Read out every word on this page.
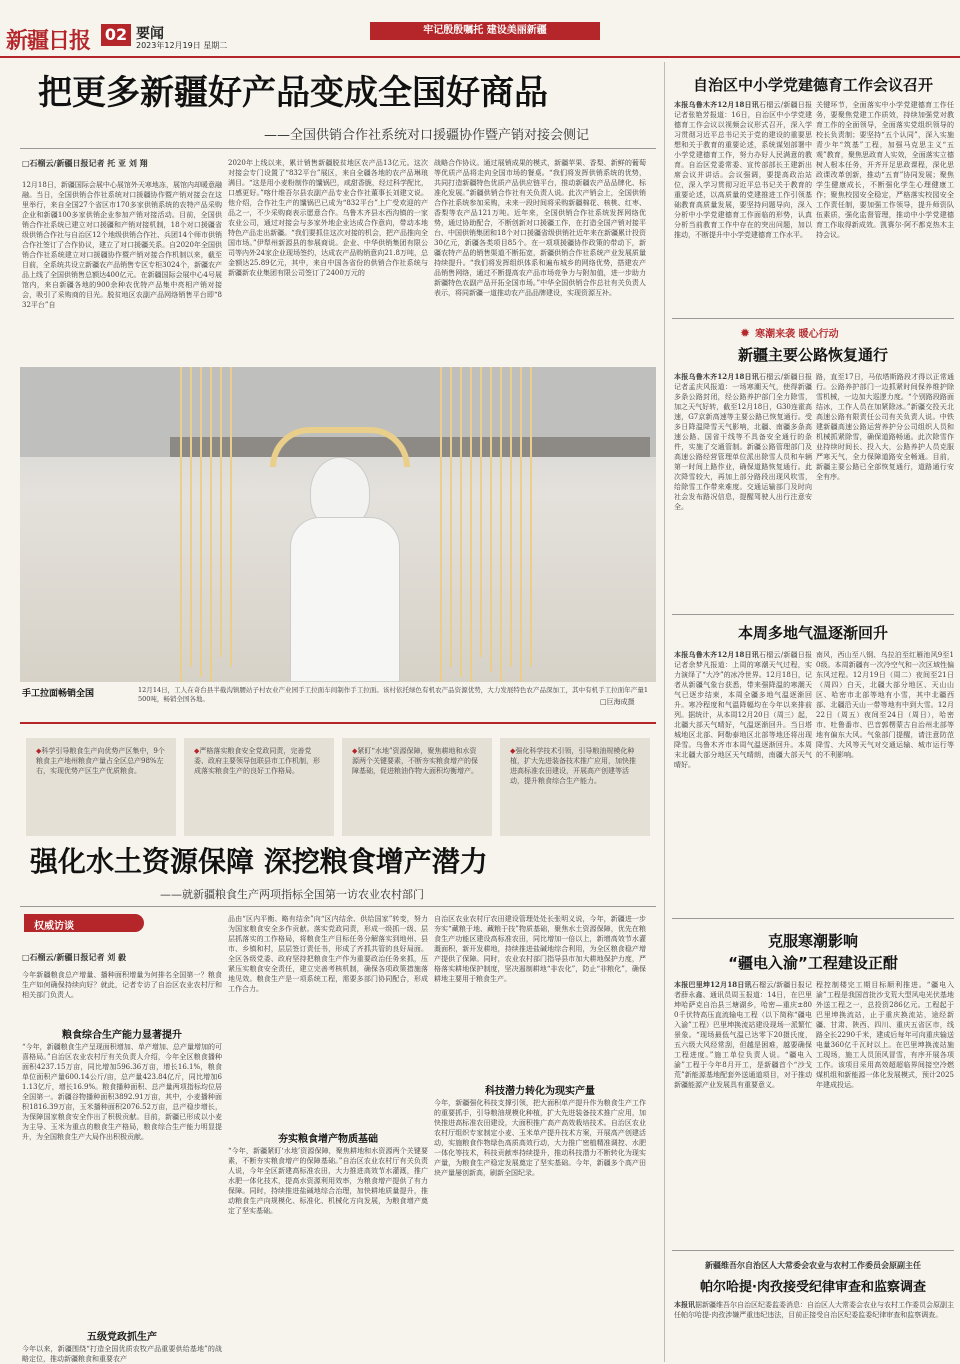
新疆日报 02 要闻
2023年12月19日 星期二
牢记殷殷嘱托 建设美丽新疆
把更多新疆好产品变成全国好商品
——全国供销合作社系统对口援疆协作暨产销对接会侧记
□石榴云/新疆日报记者 托 亚 刘 翔
12月18日，新疆国际会展中心展馆外天寒地冻，展馆内却暖意融融。当日，全国供销合作社系统对口援疆协作暨产销对接会在这里举行，来自全国27个省区市170多家供销系统的农特产品采购企业和新疆100多家供销企业参加产销对接活动。目前，全国供销合作社系统已建立对口援疆和产销对接机制，18个对口援疆省级供销合作社与自治区12个地级供销合作社、兵团14个师市供销合作社签订了合作协议，建立了对口援疆关系。自2020年全国供销合作社系统建立对口援疆协作暨产销对接合作机制以来，截至目前，全系统共设立新疆农产品销售专区专柜3024个，新疆农产品上线了全国供销售总额达400亿元。在新疆国际会展中心4号展馆内，来自新疆各地的900余种农优特产品集中亮相产销对接会，吸引了采购商的目光。脱贫地区农副产品网络销售平台即“832平台”自
2020年上线以来，累计销售新疆脱贫地区农产品13亿元。这次对接会专门设置了“832平台”展区，来自全疆各地的农产品琳琅满目。“这是用小麦粉制作的馕锅巴，咸甜香脆，经过科学配比，口感更好。”喀什维吾尔县农副产品专业合作社董事长刘建文说。他介绍，合作社生产的馕锅巴已成为“832平台”上广受欢迎的产品之一，不少采购商表示愿意合作。乌鲁木齐县水西沟镇的一家农业公司，通过对接会与多家外地企业达成合作意向，带动本地特色产品走出新疆。“我们要抓住这次对接的机会，把产品推向全国市场。”伊犁州新源县的参展商说。企业、中华供销集团有限公司等内外24家企业现场签约，达成农产品购销意向21.8万吨，总金额达25.89亿元，其中，来自中国各省份的供销合作社系统与新疆新农业集团有限公司签订了2400万元的
战略合作协议。通过展销成果的模式，新疆苹果、香梨、新鲜的葡萄等优质产品将走向全国市场的餐桌。“我们将发挥供销系统的优势，共同打造新疆特色优质产品供应链平台，推动新疆农产品品牌化、标准化发展。”新疆供销合作社有关负责人说。此次产销会上，全国供销合作社系统参加采购，未来一段时间将采购新疆棉花、核桃、红枣、香梨等农产品121万吨。近年来，全国供销合作社系统发挥网络优势，通过协助配合，不断创新对口援疆工作，在打造全国产销对接平台、中国供销集团和18个对口援疆省级供销社近年来在新疆累计投资30亿元，新疆各类项目85个。在一项项援疆协作政策的带动下，新疆农特产品的销售渠道不断拓宽，新疆供销合作社系统产业发展质量持续提升。“我们将发挥组织体系和遍布城乡的网络优势，搭建农产品销售网络，通过不断提高农产品市场竞争力与附加值，进一步助力新疆特色农副产品开拓全国市场。”中华全国供销合作总社有关负责人表示，将同新疆一道推动农产品品牌建设，实现资源互补。
手工拉面畅销全国	12月14日，工人在奇台县半截沟镇腰站子村农业产业园手工拉面车间制作手工拉面。该村依托绿色有机农产品资源优势，大力发展特色农产品深加工，其中有机手工拉面年产量1500吨，畅销全国各地。	□巨海成摄
◆科学引导粮食生产向优势产区集中，9个粮食主产地州粮食产量占全区总产98%左右，实现优势产区生产优质粮食。
◆严格落实粮食安全党政同责，完善党委、政府主要领导包联县市工作机制，形成落实粮食生产的良好工作格局。
◆紧盯“水地”资源保障，聚焦耕地和水资源两个关键要素，不断夯实粮食增产的保障基础，促进粮油作物大面积均衡增产。
◆强化科学技术引领，引导粮油规模化种植，扩大先进装备技术推广应用，加快推进高标准农田建设，开展高产创建等活动，提升粮食综合生产能力。
强化水土资源保障 深挖粮食增产潜力
——就新疆粮食生产两项指标全国第一访农业农村部门
权威访谈
□石榴云/新疆日报记者 刘 毅
今年新疆粮食总产增量、播种面积增量为何排名全国第一？粮食生产如何确保持续向好？就此，记者专访了自治区农业农村厅和相关部门负责人。
粮食综合生产能力显著提升
“今年，新疆粮食生产呈现面积增加、单产增加、总产量增加的可喜格局。”自治区农业农村厅有关负责人介绍，今年全区粮食播种面积4237.15万亩，同比增加596.36万亩，增长16.1%，粮食单位面积产量600.14公斤/亩，总产量423.84亿斤，同比增加61.13亿斤，增长16.9%。粮食播种面积、总产量两项指标均位居全国第一。新疆谷物播种面积3892.91万亩，其中，小麦播种面积1816.39万亩，玉米播种面积2076.52万亩，总产稳步增长，为保障国家粮食安全作出了积极贡献。目前，新疆已形成以小麦为主导、玉米为重点的粮食生产格局，粮食综合生产能力明显提升，为全国粮食生产大局作出积极贡献。
五级党政抓生产
今年以来，新疆围绕“打造全国优质农牧产品重要供给基地”的战略定位，推动新疆粮食和重要农产
品由“区内平衡、略有结余”向“区内结余、供给国家”转变，努力为国家粮食安全多作贡献。落实党政同责，形成一级抓一级、层层抓落实的工作格局，将粮食生产目标任务分解落实到地州、县市、乡镇和村，层层签订责任书，形成了齐抓共管的良好局面。全区各级党委、政府坚持把粮食生产作为重要政治任务来抓，压紧压实粮食安全责任，建立完善考核机制，确保各项政策措施落地见效。粮食生产是一项系统工程，需要多部门协同配合，形成工作合力。
夯实粮食增产物质基础
“今年，新疆紧盯‘水地’资源保障，聚焦耕地和水资源两个关键要素，不断夯实粮食增产的保障基础。”自治区农业农村厅有关负责人说，今年全区新建高标准农田，大力推进高效节水灌溉，推广水肥一体化技术，提高水资源利用效率，为粮食增产提供了有力保障。同时，持续推进盐碱地综合治理，加快耕地质量提升，推动粮食生产向规模化、标准化、机械化方向发展，为粮食增产奠定了坚实基础。
自治区农业农村厅农田建设管理处处长张明义说，今年，新疆进一步夯实“藏粮于地、藏粮于技”物质基础，聚焦水土资源保障，优先在粮食生产功能区建设高标准农田，同比增加一倍以上，新增高效节水灌溉面积，新开发耕地，持续推进盐碱地综合利用，为全区粮食稳产增产提供了保障。同时，农业农村部门指导县市加大耕地保护力度，严格落实耕地保护制度，坚决遏制耕地“非农化”，防止“非粮化”，确保耕地主要用于粮食生产。
科技潜力转化为现实产量
今年，新疆强化科技支撑引领，把大面积单产提升作为粮食生产工作的重要抓手，引导粮油规模化种植，扩大先进装备技术推广应用，加快推进高标准农田建设，大面积推广高产高效栽培技术。自治区农业农村厅组织专家制定小麦、玉米单产提升技术方案，开展高产创建活动，实施粮食作物绿色高质高效行动，大力推广密植精准调控、水肥一体化等技术，科技贡献率持续提升，推动科技潜力不断转化为现实产量，为粮食生产稳定发展奠定了坚实基础。今年，新疆多个高产田块产量屡创新高，刷新全国纪录。
自治区中小学党建德育工作会议召开
本报乌鲁木齐12月18日讯石榴云/新疆日报记者张艳芳报道：16日，自治区中小学党建德育工作会议以视频会议形式召开，深入学习贯彻习近平总书记关于党的建设的重要思想和关于教育的重要论述，系统谋划部署中小学党建德育工作，努力办好人民满意的教育。自治区党委常委、宣传部部长王建新出席会议并讲话。会议强调，要提高政治站位，深入学习贯彻习近平总书记关于教育的重要论述，以高质量的党建推进工作引领基础教育高质量发展，要坚持问题导向，深入分析中小学党建德育工作面临的形势，认真分析当前教育工作中存在的突出问题，加以推动，不断提升中小学党建德育工作水平。
关键环节，全面落实中小学党建德育工作任务，要聚焦党建工作质效，持续加强党对教育工作的全面领导，全面落实党组织领导的校长负责制；要坚持“五个认同”，深入实施青少年“筑基”工程，加强马克思主义“五观”教育，聚焦思政育人实效，全面落实立德树人根本任务，开齐开足思政课程，深化思政课改革创新，推动“五育”协同发展；聚焦学生健康成长，不断强化学生心理健康工作；聚焦校园安全稳定，严格落实校园安全工作责任制，要加强工作领导，提升师资队伍素质，强化监督管理，推动中小学党建德育工作取得新成效。凯赛尔·阿不都克热木主持会议。
✹ 寒潮来袭 暖心行动
新疆主要公路恢复通行
本报乌鲁木齐12月18日讯石榴云/新疆日报记者孟庆风报道：一场寒潮天气，使得新疆多条公路封闭，经公路养护部门全力除雪，加之天气好转，截至12月18日，G30连霍高速，G7京新高速等主要公路已恢复通行。受多日降温降雪天气影响，北疆、南疆多条高速公路、国省干线等不具备安全通行的条件，实施了交通管制。新疆公路管理部门及高速公路经营管理单位派出除雪人员和车辆第一时间上路作业，确保道路恢复通行。此次降雪较大，再加上部分路段出现风吹雪，给除雪工作带来难度。交通运输部门及时向社会发布路况信息，提醒驾驶人出行注意安全。
路，直至17日，马依塔斯路段才得以正常通行。公路养护部门一边抓紧时间保养维护除雪机械，一边加大巡逻力度。“个别路段路面结冰，工作人员在加紧除冰。”新疆交投天北高速公路有限责任公司有关负责人说。中铁建新疆高速公路运营养护分公司组织人员和机械抓紧除雪，确保道路畅通。此次除雪作业持续时间长、投入大，公路养护人员克服严寒天气，全力保障道路安全畅通。目前，新疆主要公路已全部恢复通行，道路通行安全有序。
本周多地气温逐渐回升
本报乌鲁木齐12月18日讯石榴云/新疆日报记者余梦凡报道：上周的寒潮天气过程，实力演绎了“大冷”的冰冷世界。12月18日，记者从新疆气象台获悉，带来强降温的寒潮天气已逐步结束，本周全疆多地气温逐渐回升。寒冷程度和气温降幅均在今年以来排前列。据统计，从本周12月20日（周三）起，北疆大部天气晴好，气温逐渐回升。当日塔城地区北部、阿勒泰地区北部等地还将出现降雪。乌鲁木齐市本周气温逐渐回升。本周末北疆大部分地区天气晴朗，南疆大部天气晴好。
南风，西山至八钢、乌拉泊至红雁池风9至10级。本周新疆有一次冷空气和一次区域性偏东风过程。12月19日（周二）夜间至21日（周四）白天，北疆大部分地区、天山山区、哈密市北部等地有小雪，其中北疆西部、北疆沿天山一带等地有中到大雪。12月22日（周五）夜间至24日（周日），哈密市、吐鲁番市、巴音郭楞蒙古自治州北部等地有偏东大风。气象部门提醒，请注意防范降雪、大风等天气对交通运输、城市运行等的不利影响。
克服寒潮影响
“疆电入渝”工程建设正酣
本报巴里坤12月18日讯石榴云/新疆日报记者薛永鑫、通讯员周玉报道：14日，在巴里坤哈萨克自治县三塘湖乡，哈密—重庆±800千伏特高压直流输电工程（以下简称“疆电入渝”工程）巴里坤换流站建设现场一派繁忙景象。“现场最低气温已达零下20摄氏度，五六级大风经常刮，但越是困难，越要确保工程进度。”施工单位负责人说。“疆电入渝”工程于今年8月开工，是新疆首个“沙戈荒”新能源基地配套外送通道项目，对于推动新疆能源产业发展具有重要意义。
程控制楼完工期目标顺利推进。“疆电入渝”工程是我国首批沙戈荒大型风电光伏基地外送工程之一，总投资286亿元。工程起于巴里坤换流站，止于重庆换流站，途经新疆、甘肃、陕西、四川、重庆五省区市，线路全长2290千米，建成后每年可向重庆输送电量360亿千瓦时以上。在巴里坤换流站施工现场，施工人员顶风冒雪，有序开展各项工作。该项目采用高效超超临界间接空冷燃煤机组和新能源一体化发展模式，预计2025年建成投运。
新疆维吾尔自治区人大常委会农业与农村工作委员会原副主任
帕尔哈提·肉孜接受纪律审查和监察调查
本报讯据新疆维吾尔自治区纪委监委消息：自治区人大常委会农业与农村工作委员会原副主任帕尔哈提·肉孜涉嫌严重违纪违法，目前正接受自治区纪委监委纪律审查和监察调查。
